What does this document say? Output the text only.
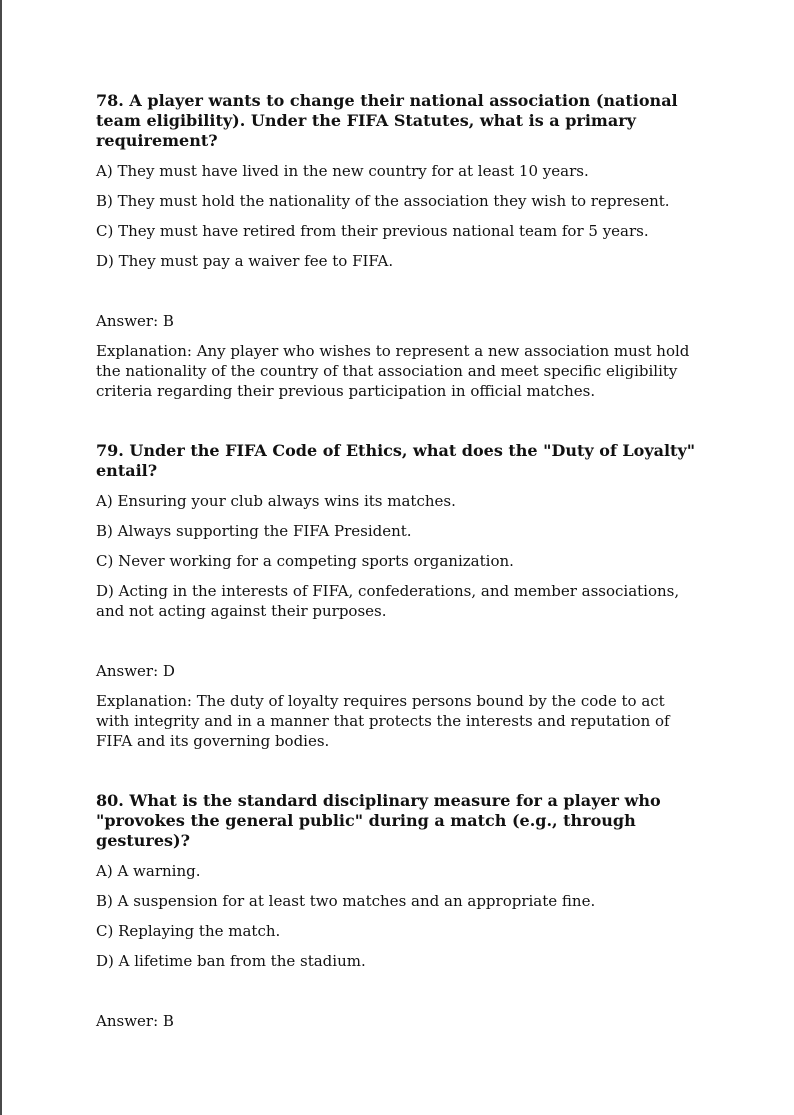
78. A player wants to change their national association (national team eligibility). Under the FIFA Statutes, what is a primary requirement?

A) They must have lived in the new country for at least 10 years.

B) They must hold the nationality of the association they wish to represent.

C) They must have retired from their previous national team for 5 years.

D) They must pay a waiver fee to FIFA.

Answer: B

Explanation: Any player who wishes to represent a new association must hold the nationality of the country of that association and meet specific eligibility criteria regarding their previous participation in official matches.

79. Under the FIFA Code of Ethics, what does the "Duty of Loyalty" entail?

A) Ensuring your club always wins its matches.

B) Always supporting the FIFA President.

C) Never working for a competing sports organization.

D) Acting in the interests of FIFA, confederations, and member associations, and not acting against their purposes.

Answer: D

Explanation: The duty of loyalty requires persons bound by the code to act with integrity and in a manner that protects the interests and reputation of FIFA and its governing bodies.

80. What is the standard disciplinary measure for a player who "provokes the general public" during a match (e.g., through gestures)?

A) A warning.

B) A suspension for at least two matches and an appropriate fine.

C) Replaying the match.

D) A lifetime ban from the stadium.

Answer: B
